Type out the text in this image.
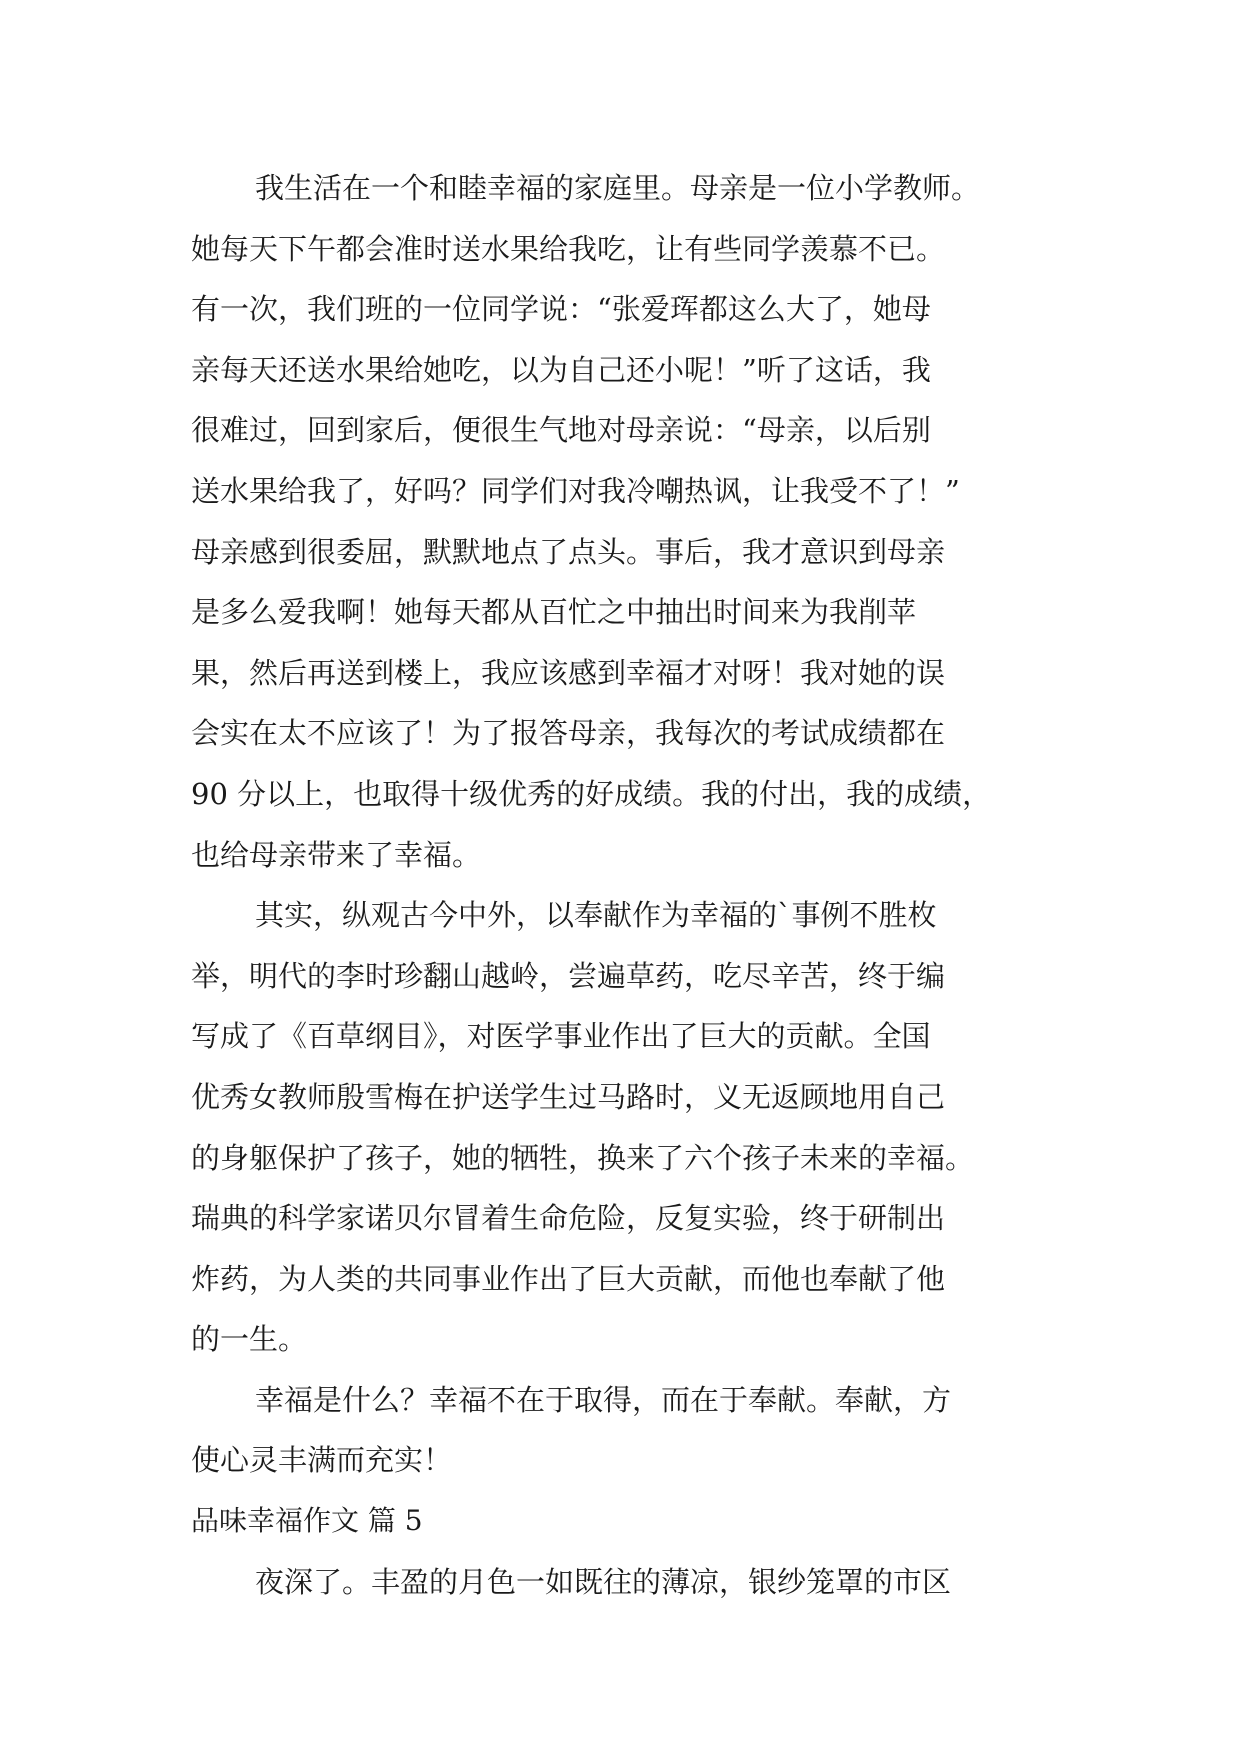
我生活在一个和睦幸福的家庭里。母亲是一位小学教师。
她每天下午都会准时送水果给我吃，让有些同学羡慕不已。
有一次，我们班的一位同学说：“张爱珲都这么大了，她母
亲每天还送水果给她吃，以为自己还小呢！”听了这话，我
很难过，回到家后，便很生气地对母亲说：“母亲，以后别
送水果给我了，好吗？同学们对我冷嘲热讽，让我受不了！”
母亲感到很委屈，默默地点了点头。事后，我才意识到母亲
是多么爱我啊！她每天都从百忙之中抽出时间来为我削苹
果，然后再送到楼上，我应该感到幸福才对呀！我对她的误
会实在太不应该了！为了报答母亲，我每次的考试成绩都在
90 分以上，也取得十级优秀的好成绩。我的付出，我的成绩，
也给母亲带来了幸福。
其实，纵观古今中外，以奉献作为幸福的`事例不胜枚
举，明代的李时珍翻山越岭，尝遍草药，吃尽辛苦，终于编
写成了《百草纲目》，对医学事业作出了巨大的贡献。全国
优秀女教师殷雪梅在护送学生过马路时，义无返顾地用自己
的身躯保护了孩子，她的牺牲，换来了六个孩子未来的幸福。
瑞典的科学家诺贝尔冒着生命危险，反复实验，终于研制出
炸药，为人类的共同事业作出了巨大贡献，而他也奉献了他
的一生。
幸福是什么？幸福不在于取得，而在于奉献。奉献，方
使心灵丰满而充实！
品味幸福作文 篇 5
夜深了。丰盈的月色一如既往的薄凉，银纱笼罩的市区
